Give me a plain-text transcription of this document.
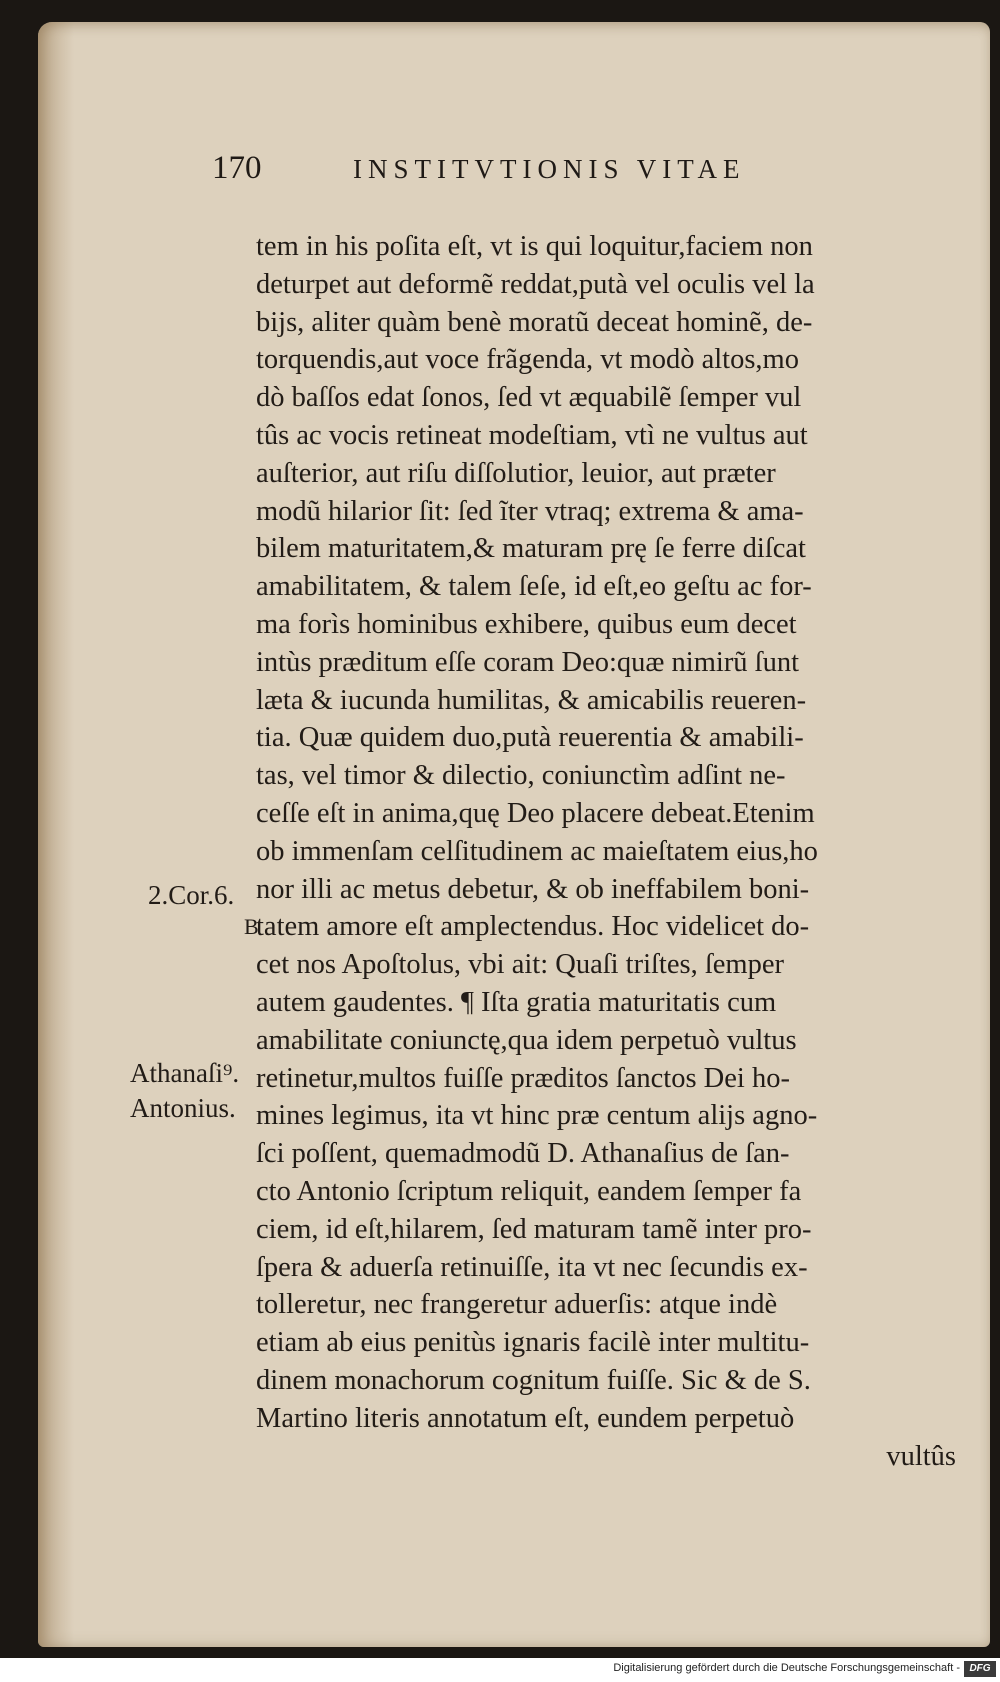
170	INSTITVTIONIS VITAE
tem in his poſita eſt, vt is qui loquitur,faciem non
deturpet aut deformẽ reddat,putà vel oculis vel la
bijs, aliter quàm benè moratũ deceat hominẽ, de-
torquendis,aut voce frãgenda, vt modò altos,mo
dò baſſos edat ſonos, ſed vt æquabilẽ ſemper vul
tûs ac vocis retineat modeſtiam, vtì ne vultus aut
auſterior, aut riſu diſſolutior, leuior, aut præter
modũ hilarior ſit: ſed ĩter vtraq; extrema & ama-
bilem maturitatem,& maturam prę ſe ferre diſcat
amabilitatem, & talem ſeſe, id eſt,eo geſtu ac for-
ma forìs hominibus exhibere, quibus eum decet
intùs præditum eſſe coram Deo:quæ nimirũ ſunt
læta & iucunda humilitas, & amicabilis reueren-
tia. Quæ quidem duo,putà reuerentia & amabili-
tas, vel timor & dilectio, coniunctìm adſint ne-
ceſſe eſt in anima,quę Deo placere debeat.Etenim
ob immenſam celſitudinem ac maieſtatem eius,ho
nor illi ac metus debetur, & ob ineffabilem boni-
tatem amore eſt amplectendus. Hoc videlicet do-
cet nos Apoſtolus, vbi ait: Quaſi triſtes, ſemper
autem gaudentes. ¶ Iſta gratia maturitatis cum
amabilitate coniunctę,qua idem perpetuò vultus
retinetur,multos fuiſſe præditos ſanctos Dei ho-
mines legimus, ita vt hinc præ centum alijs agno-
ſci poſſent, quemadmodũ D. Athanaſius de ſan-
cto Antonio ſcriptum reliquit, eandem ſemper fa
ciem, id eſt,hilarem, ſed maturam tamẽ inter pro-
ſpera & aduerſa retinuiſſe, ita vt nec ſecundis ex-
tolleretur, nec frangeretur aduerſis: atque indè
etiam ab eius penitùs ignaris facilè inter multitu-
dinem monachorum cognitum fuiſſe. Sic & de S.
Martino literis annotatum eſt, eundem perpetuò
vultûs
2.Cor.6.
B
Athanaſi⁹.
Antonius.
Digitalisierung gefördert durch die Deutsche Forschungsgemeinschaft - DFG
